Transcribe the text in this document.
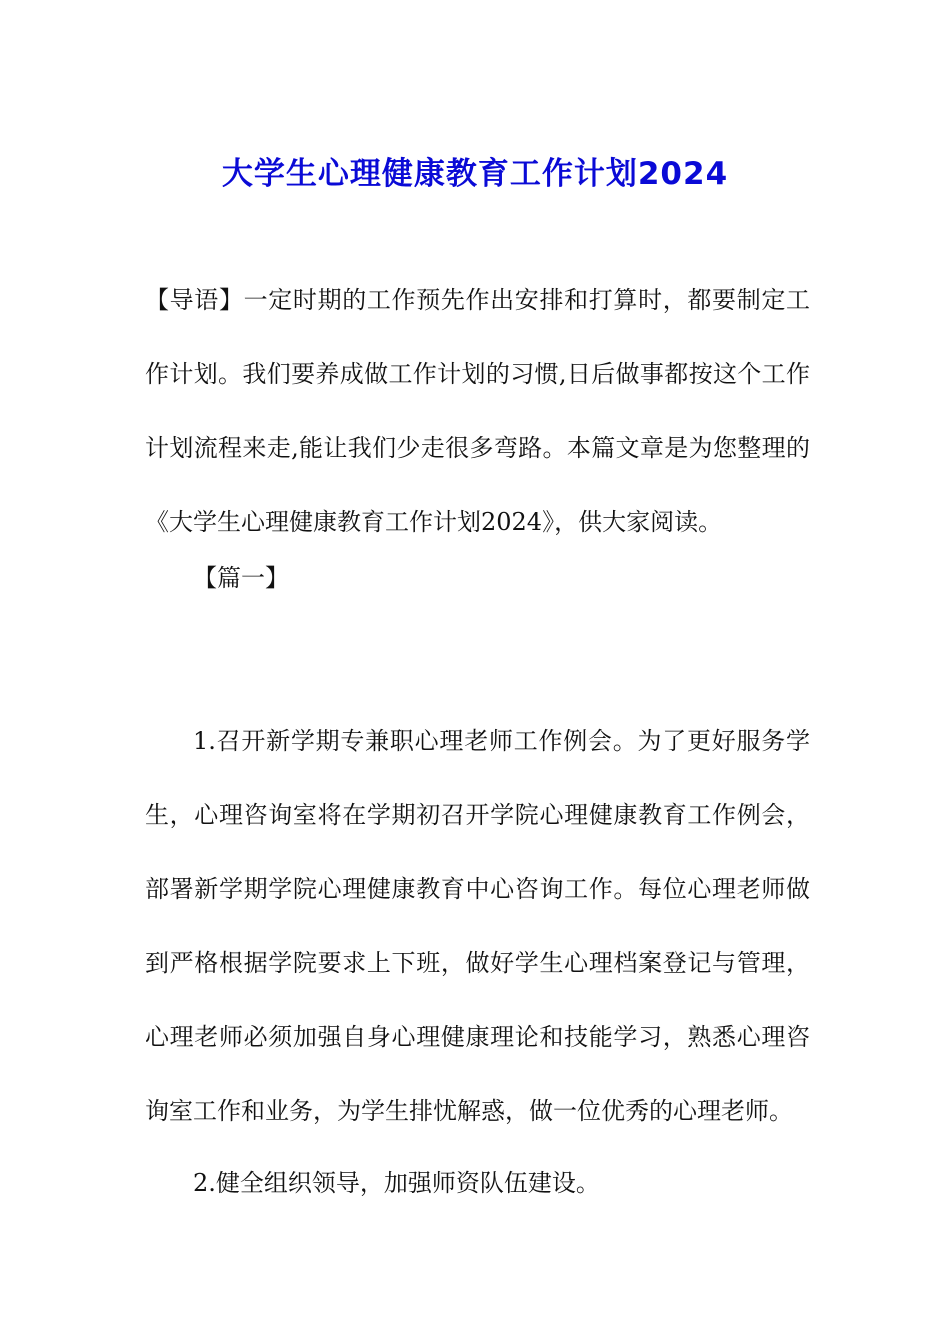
大学生心理健康教育工作计划2024

【导语】一定时期的工作预先作出安排和打算时，都要制定工作计划。我们要养成做工作计划的习惯,日后做事都按这个工作计划流程来走,能让我们少走很多弯路。本篇文章是为您整理的《大学生心理健康教育工作计划2024》，供大家阅读。

【篇一】

1.召开新学期专兼职心理老师工作例会。为了更好服务学生，心理咨询室将在学期初召开学院心理健康教育工作例会，部署新学期学院心理健康教育中心咨询工作。每位心理老师做到严格根据学院要求上下班，做好学生心理档案登记与管理，心理老师必须加强自身心理健康理论和技能学习，熟悉心理咨询室工作和业务，为学生排忧解惑，做一位优秀的心理老师。

2.健全组织领导，加强师资队伍建设。
